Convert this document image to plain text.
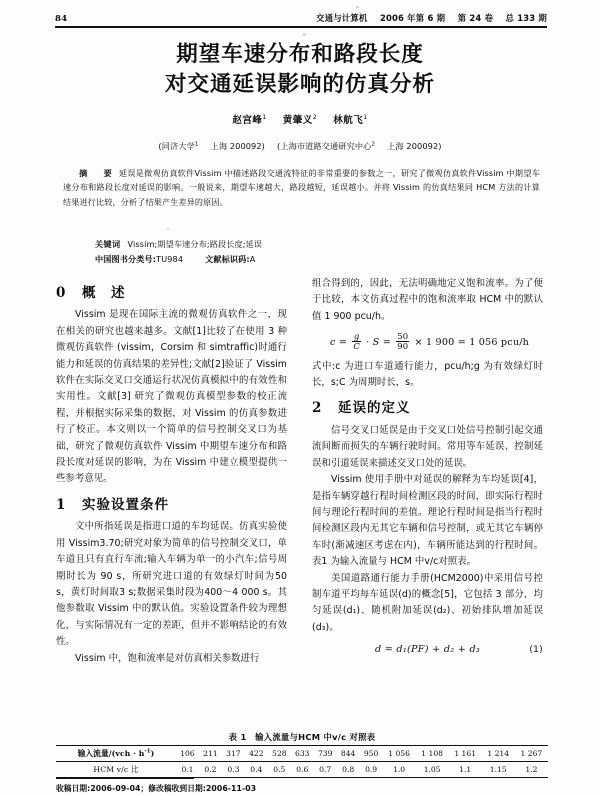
84	交通与计算机    2006 年第 6 期    第 24 卷    总 133 期
期望车速分布和路段长度
对交通延误影响的仿真分析
赵宫峰$^1$ 黄肇义$^2$ 林航飞$^1$
(同济大学$^1$ 上海 200092) (上海市道路交通研究中心$^2$ 上海 200092)
摘　要 延误是微观仿真软件Vissim 中描述路段交通流特征的非常重要的参数之一，研究了微观仿真软件Vissim 中期望车速分布和路段长度对延误的影响。一般说来，期望车速越大，路段越短，延误越小。并将 Vissim 的仿真结果同 HCM 方法的计算结果进行比较，分析了结果产生差异的原因。
关键词 Vissim;期望车速分布;路段长度;延误
中国图书分类号:TU984	文献标识码:A
0 概　述

Vissim 是现在国际主流的微观仿真软件之一，现在相关的研究也越来越多。文献[1]比较了在使用 3 种微观仿真软件 (vissim，Corsim 和 simtraffic)时通行能力和延误的仿真结果的差异性;文献[2]验证了 Vissim 软件在实际交叉口交通运行状况仿真模拟中的有效性和实用性。文献[3] 研究了微观仿真模型参数的校正流程，并根据实际采集的数据，对 Vissim 的仿真参数进行了校正。本文则以一个简单的信号控制交叉口为基础，研究了微观仿真软件 Vissim 中期望车速分布和路段长度对延误的影响，为在 Vissim 中建立模型提供一些参考意见。

1 实验设置条件

文中所指延误是指进口道的车均延误。仿真实验使用 Vissim3.70;研究对象为简单的信号控制交叉口，单车道且只有直行车流;输入车辆为单一的小汽车;信号周期时长为 90 s，所研究进口道的有效绿灯时间为50 s，黄灯时间取3 s;数据采集时段为400～4 000 s。其他参数取 Vissim 中的默认值。实验设置条件较为理想化，与实际情况有一定的差距，但并不影响结论的有效性。

Vissim 中，饱和流率是对仿真相关参数进行

组合得到的，因此，无法明确地定义饱和流率。为了便于比较，本文仿真过程中的饱和流率取 HCM 中的默认值 1 900 pcu/h。

$c = \frac{g}{C} \cdot S = \frac{50}{90} \times 1$ 900 = 1 056 pcu/h

式中:c 为进口车道通行能力，pcu/h;g 为有效绿灯时长，s;C 为周期时长，s。

2 延误的定义

信号交叉口延误是由于交叉口处信号控制引起交通流间断而损失的车辆行驶时间。常用等车延误、控制延误和引道延误来描述交叉口处的延误。

Vissim 使用手册中对延误的解释为车均延误[4]，是指车辆穿越行程时间检测区段的时间，即实际行程时间与理论行程时间的差值。理论行程时间是指当行程时间检测区段内无其它车辆和信号控制，或无其它车辆停车时(渐减速区考虑在内)，车辆所能达到的行程时间。表1 为输入流量与 HCM 中v/c对照表。

美国道路通行能力手册(HCM2000)中采用信号控制车道平均每车延误(d)的概念[5]，它包括 3 部分，均匀延误(d₁)、随机附加延误(d₂)、初始排队增加延误(d₃)。

d = d₁(PF) + d₂ + d₃	(1)
表 1　输入流量与HCM 中v/c 对照表
输入流量$/(vch \cdot h^{-1})$	106	211	317	422	528	633	739	844	950	1 056	1 108	1 161	1 214	1 267
HCM v/c 比	0.1	0.2	0.3	0.4	0.5	0.6	0.7	0.8	0.9	1.0	1.05	1.1	1.15	1.2
收稿日期:2006-09-04；修改稿收到日期:2006-11-03
